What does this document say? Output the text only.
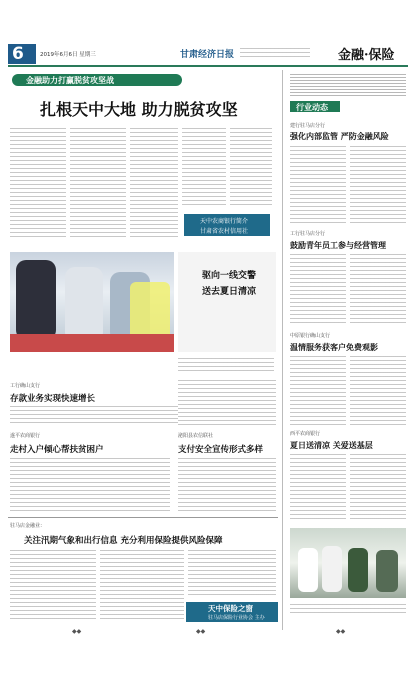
6	2019年6月6日 星期三	甘肃经济日报	金融·保险
金融助力打赢脱贫攻坚战
扎根天中大地 助力脱贫攻坚
天中农商银行简介
甘肃省农村信用社
驱向一线交警
送去夏日清凉
工行确山支行
存款业务实现快速增长
遂平农商银行
走村入户倾心帮扶贫困户
泌阳县农信联社
支付安全宣传形式多样
驻马店金融业：
关注汛期气象和出行信息 充分利用保险提供风险保障
天中保险之窗
驻马店保险行业协会 主办
行业动态
建行驻马店分行
强化内部监管 严防金融风险
工行驻马店分行
鼓励青年员工参与经营管理
中原银行确山支行
温情服务获客户免费观影
西平农商银行
夏日送清凉 关爱送基层
◆◆	◆◆	◆◆
